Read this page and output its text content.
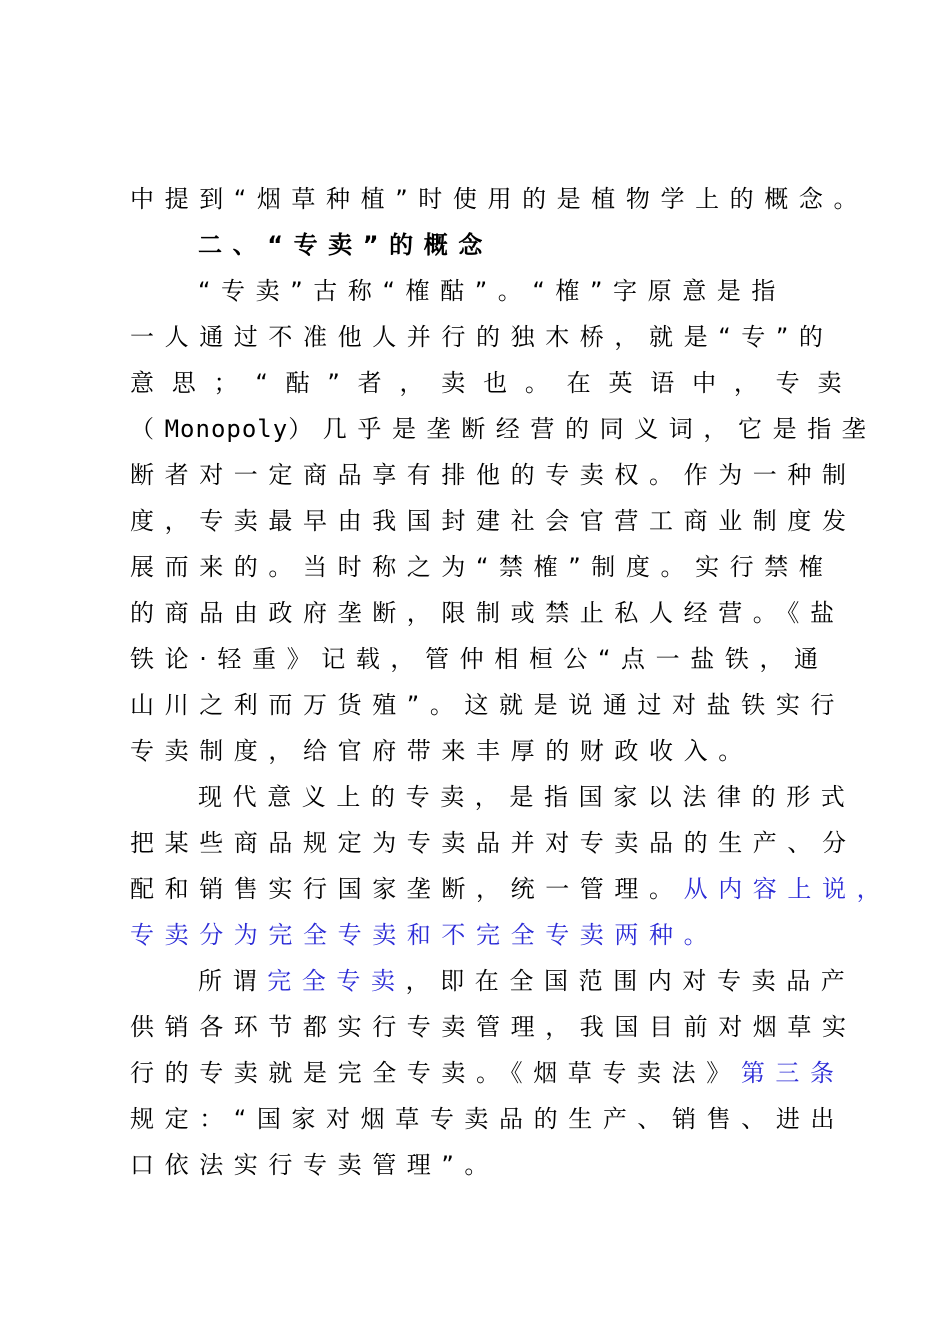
中提到“烟草种植”时使用的是植物学上的概念。
二、“专卖”的概念
“专卖”古称“榷酤”。“榷”字原意是指
一人通过不准他人并行的独木桥，就是“专”的
意思；“酤”者，卖也。在英语中，专卖
（Monopoly）几乎是垄断经营的同义词，它是指垄
断者对一定商品享有排他的专卖权。作为一种制
度，专卖最早由我国封建社会官营工商业制度发
展而来的。当时称之为“禁榷”制度。实行禁榷
的商品由政府垄断，限制或禁止私人经营。《盐
铁论·轻重》记载，管仲相桓公“点一盐铁，通
山川之利而万货殖”。这就是说通过对盐铁实行
专卖制度，给官府带来丰厚的财政收入。
现代意义上的专卖，是指国家以法律的形式
把某些商品规定为专卖品并对专卖品的生产、分
配和销售实行国家垄断，统一管理。从内容上说，
专卖分为完全专卖和不完全专卖两种。
所谓完全专卖，即在全国范围内对专卖品产
供销各环节都实行专卖管理，我国目前对烟草实
行的专卖就是完全专卖。《烟草专卖法》第三条
规定：“国家对烟草专卖品的生产、销售、进出
口依法实行专卖管理”。
